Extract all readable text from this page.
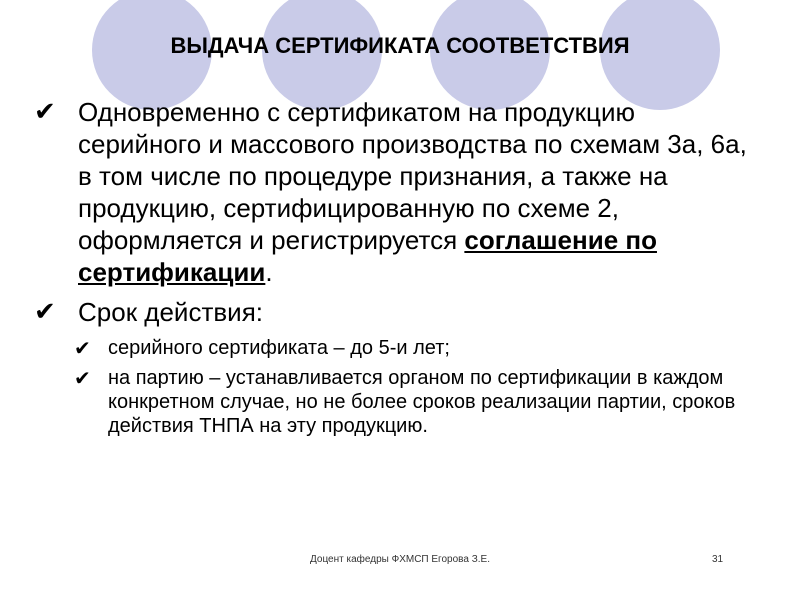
ВЫДАЧА СЕРТИФИКАТА СООТВЕТСТВИЯ
✔ Одновременно с сертификатом на продукцию серийного и массового производства по схемам 3а, 6а, в том числе по процедуре признания, а также на продукцию, сертифицированную по схеме 2, оформляется и регистрируется соглашение по сертификации.
✔ Срок действия:
✔ серийного сертификата – до 5-и лет;
✔ на партию – устанавливается органом по сертификации в каждом конкретном случае, но не более сроков реализации партии, сроков действия ТНПА на эту продукцию.
Доцент кафедры ФХМСП Егорова З.Е.	31
